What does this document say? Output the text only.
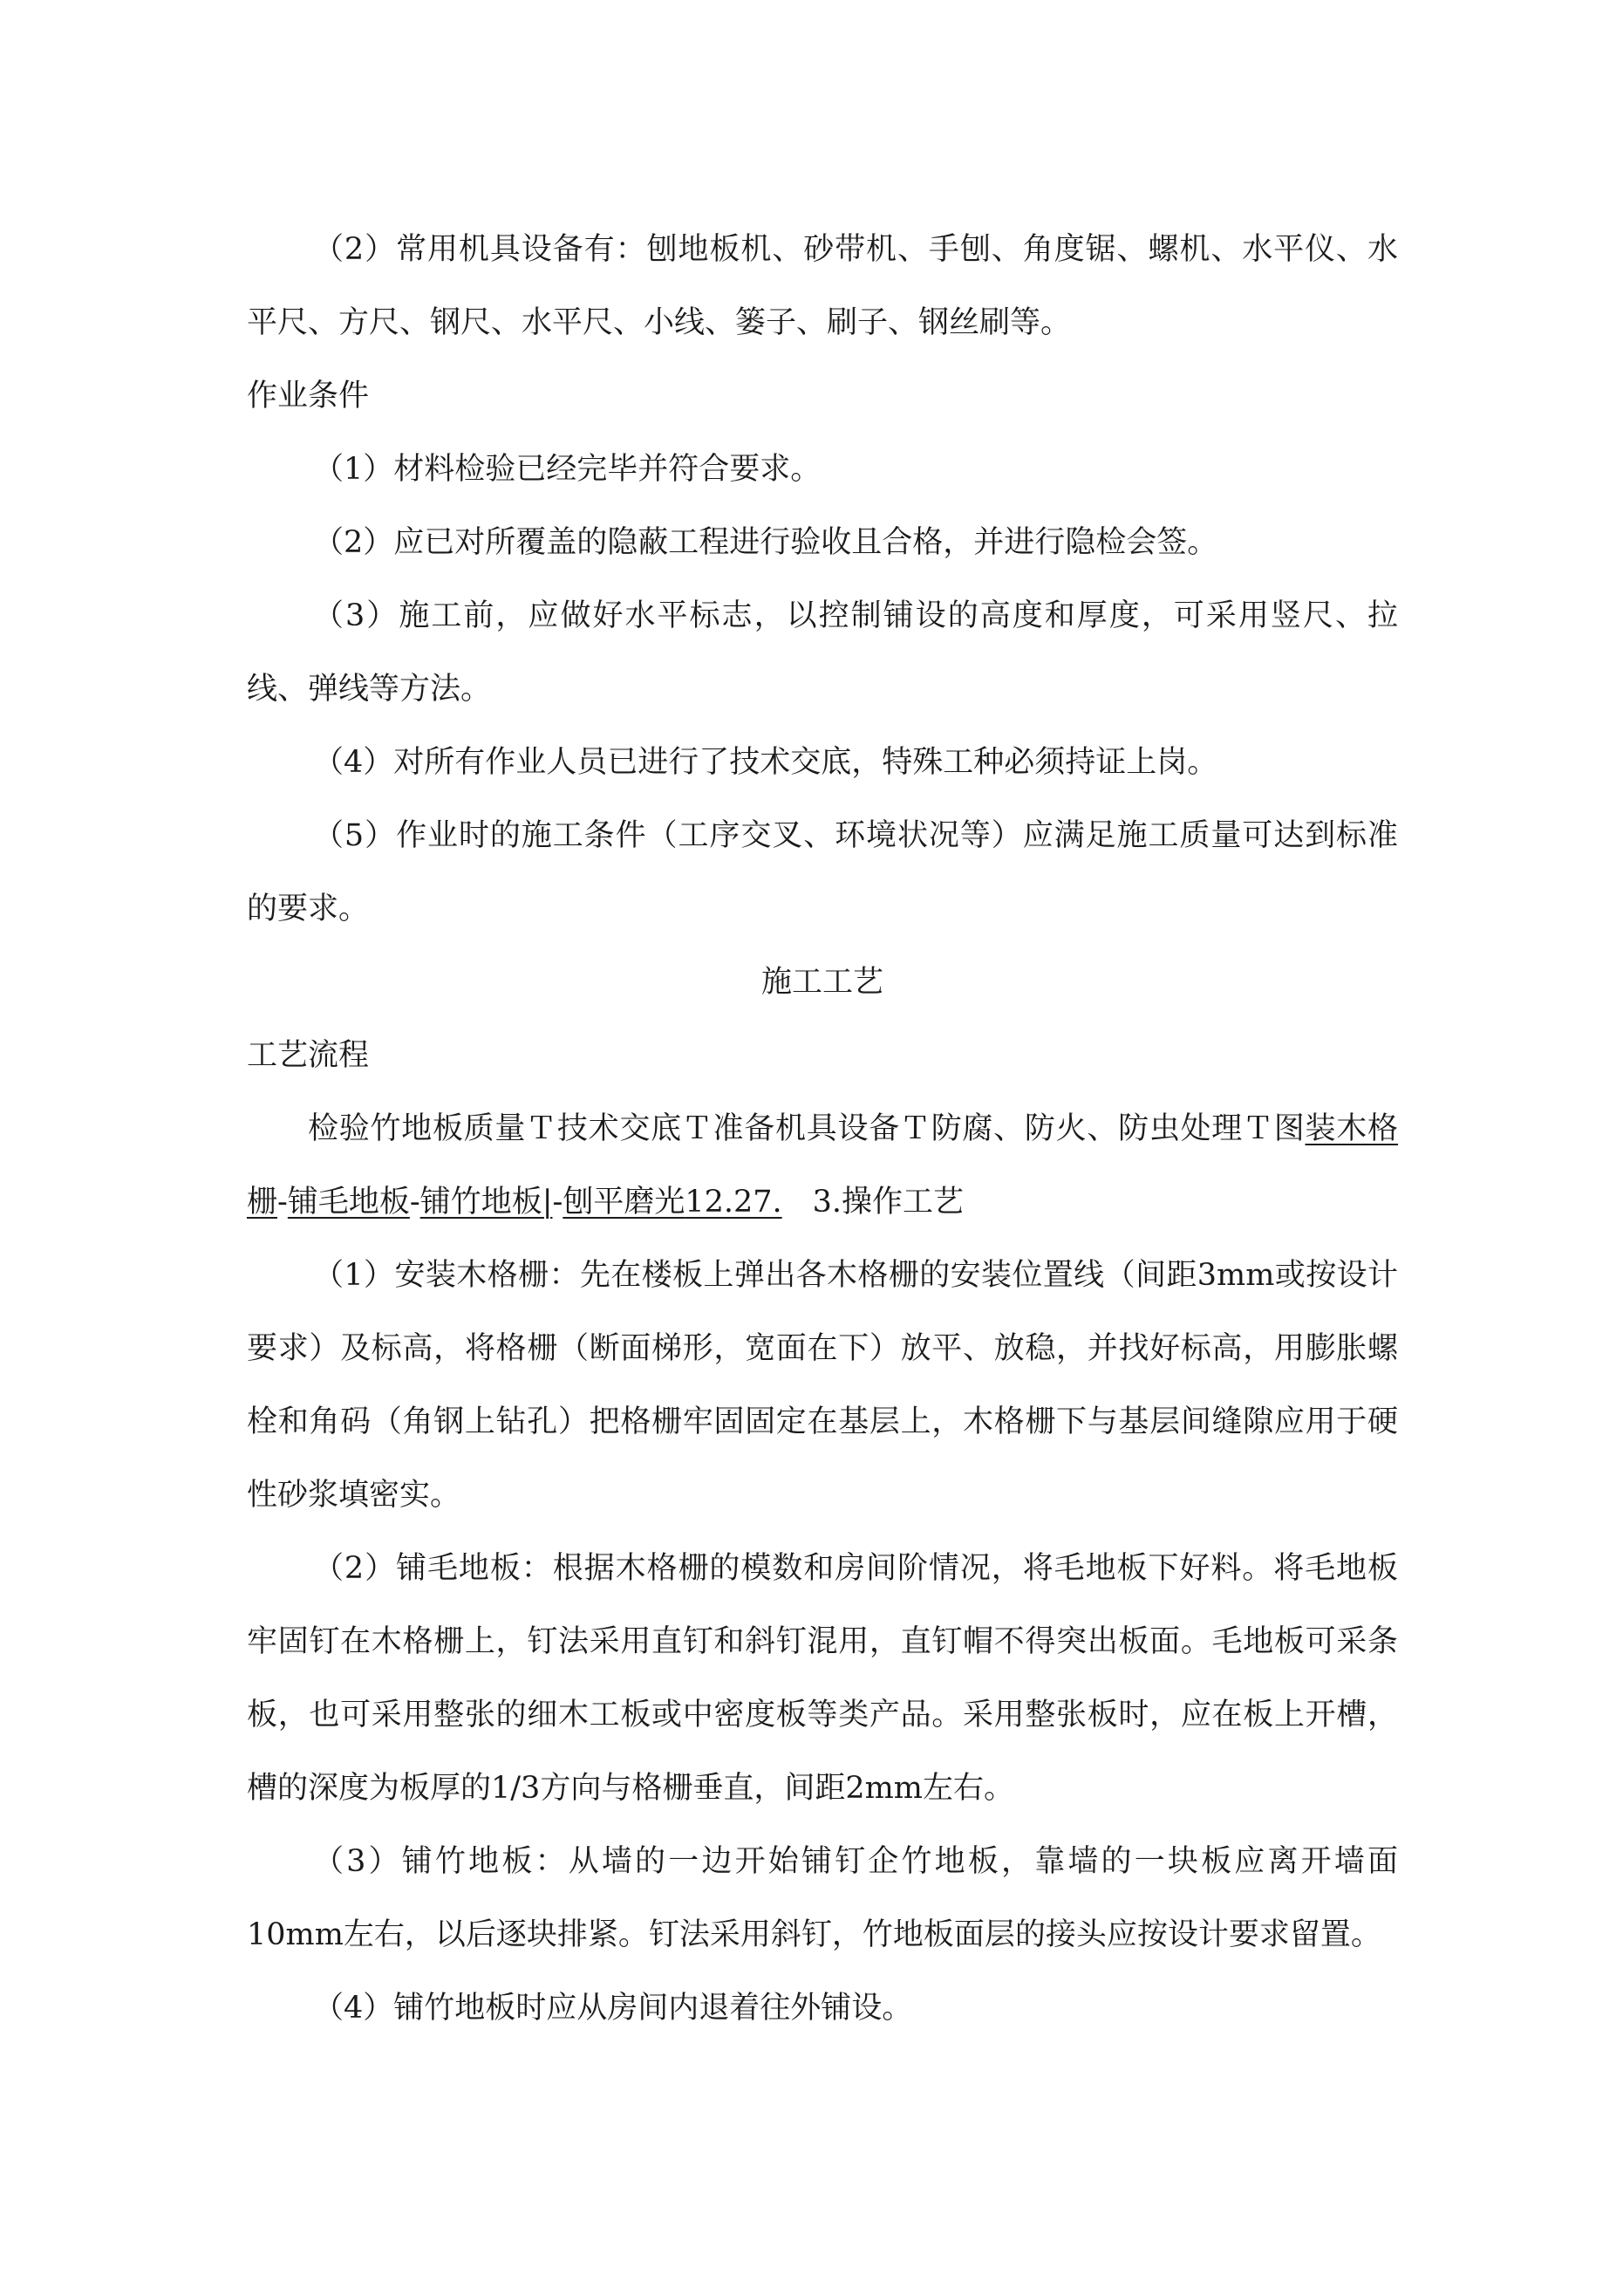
（2）常用机具设备有：刨地板机、砂带机、手刨、角度锯、螺机、水平仪、水平尺、方尺、钢尺、水平尺、小线、篓子、刷子、钢丝刷等。

作业条件

（1）材料检验已经完毕并符合要求。

（2）应已对所覆盖的隐蔽工程进行验收且合格，并进行隐检会签。

（3）施工前，应做好水平标志，以控制铺设的高度和厚度，可采用竖尺、拉线、弹线等方法。

（4）对所有作业人员已进行了技术交底，特殊工种必须持证上岗。

（5）作业时的施工条件（工序交叉、环境状况等）应满足施工质量可达到标准的要求。

施工工艺

工艺流程

检验竹地板质量Ｔ技术交底Ｔ准备机具设备Ｔ防腐、防火、防虫处理Ｔ图装木格栅-铺毛地板-铺竹地板|-刨平磨光12.27.　3.操作工艺

（1）安装木格栅：先在楼板上弹出各木格栅的安装位置线（间距3mm或按设计要求）及标高，将格栅（断面梯形，宽面在下）放平、放稳，并找好标高，用膨胀螺栓和角码（角钢上钻孔）把格栅牢固固定在基层上，木格栅下与基层间缝隙应用于硬性砂浆填密实。

（2）铺毛地板：根据木格栅的模数和房间阶情况，将毛地板下好料。将毛地板牢固钉在木格栅上，钉法采用直钉和斜钉混用，直钉帽不得突出板面。毛地板可采条板，也可采用整张的细木工板或中密度板等类产品。采用整张板时，应在板上开槽，槽的深度为板厚的1/3方向与格栅垂直，间距2mm左右。

（3）铺竹地板：从墙的一边开始铺钉企竹地板，靠墙的一块板应离开墙面10mm左右，以后逐块排紧。钉法采用斜钉，竹地板面层的接头应按设计要求留置。

（4）铺竹地板时应从房间内退着往外铺设。
